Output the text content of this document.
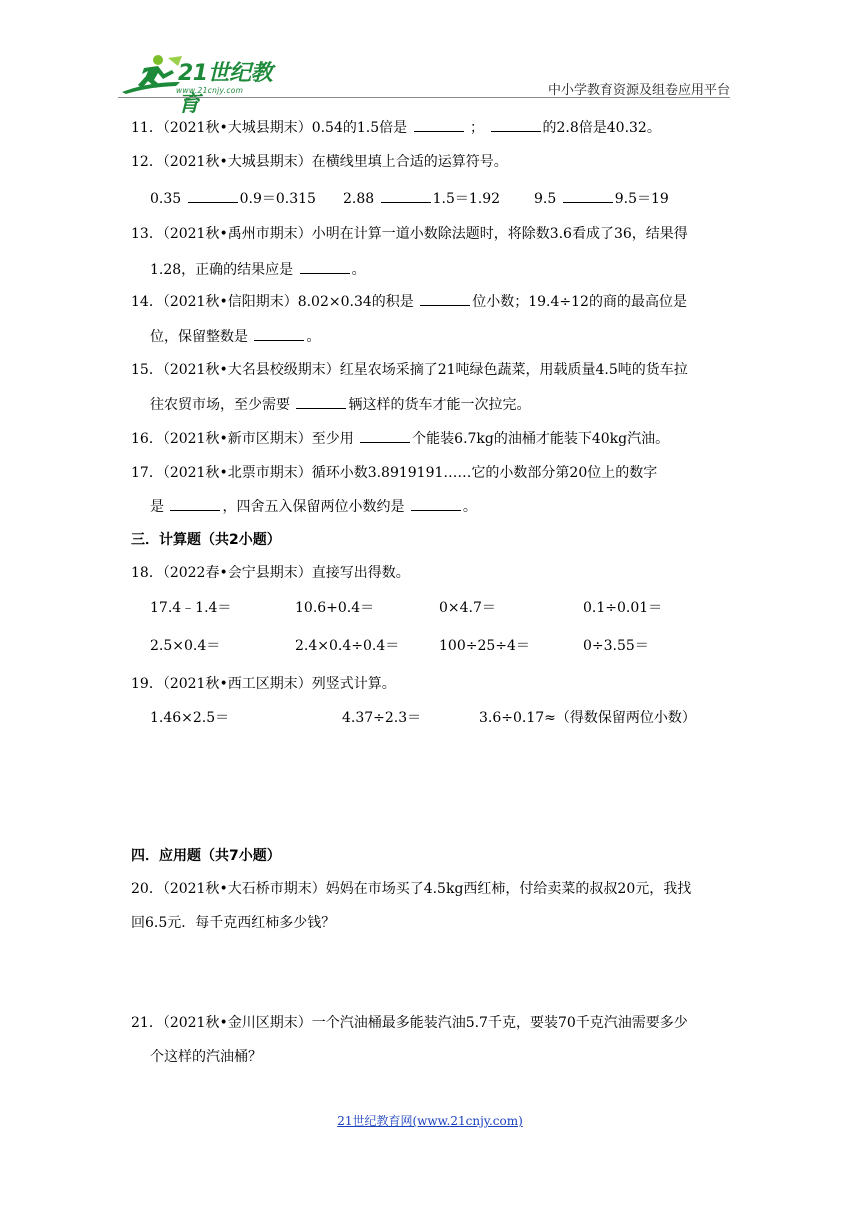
21世纪教育
www.21cnjy.com	中小学教育资源及组卷应用平台
11．（2021秋•大城县期末）0.54的1.5倍是	；	的2.8倍是40.32。
12．（2021秋•大城县期末）在横线里填上合适的运算符号。
0.35	0.9＝0.315 2.88	1.5＝1.92 9.5	9.5＝19
13．（2021秋•禹州市期末）小明在计算一道小数除法题时，将除数3.6看成了36，结果得
1.28，正确的结果应是	。
14．（2021秋•信阳期末）8.02×0.34的积是	位小数；19.4÷12的商的最高位是
位，保留整数是	。
15．（2021秋•大名县校级期末）红星农场采摘了21吨绿色蔬菜，用载质量4.5吨的货车拉
往农贸市场，至少需要	辆这样的货车才能一次拉完。
16．（2021秋•新市区期末）至少用	个能装6.7kg的油桶才能装下40kg汽油。
17．（2021秋•北票市期末）循环小数3.8919191……它的小数部分第20位上的数字
是	，四舍五入保留两位小数约是	。
三．计算题（共2小题）
18．（2022春•会宁县期末）直接写出得数。
17.4﹣1.4＝	10.6+0.4＝	0×4.7＝	0.1÷0.01＝
2.5×0.4＝	2.4×0.4÷0.4＝	100÷25÷4＝	0÷3.55＝
19．（2021秋•西工区期末）列竖式计算。
1.46×2.5＝	4.37÷2.3＝	3.6÷0.17≈（得数保留两位小数）
四．应用题（共7小题）
20．（2021秋•大石桥市期末）妈妈在市场买了4.5kg西红柿，付给卖菜的叔叔20元，我找
回6.5元．每千克西红柿多少钱？
21．（2021秋•金川区期末）一个汽油桶最多能装汽油5.7千克，要装70千克汽油需要多少
个这样的汽油桶？
21世纪教育网(www.21cnjy.com)
